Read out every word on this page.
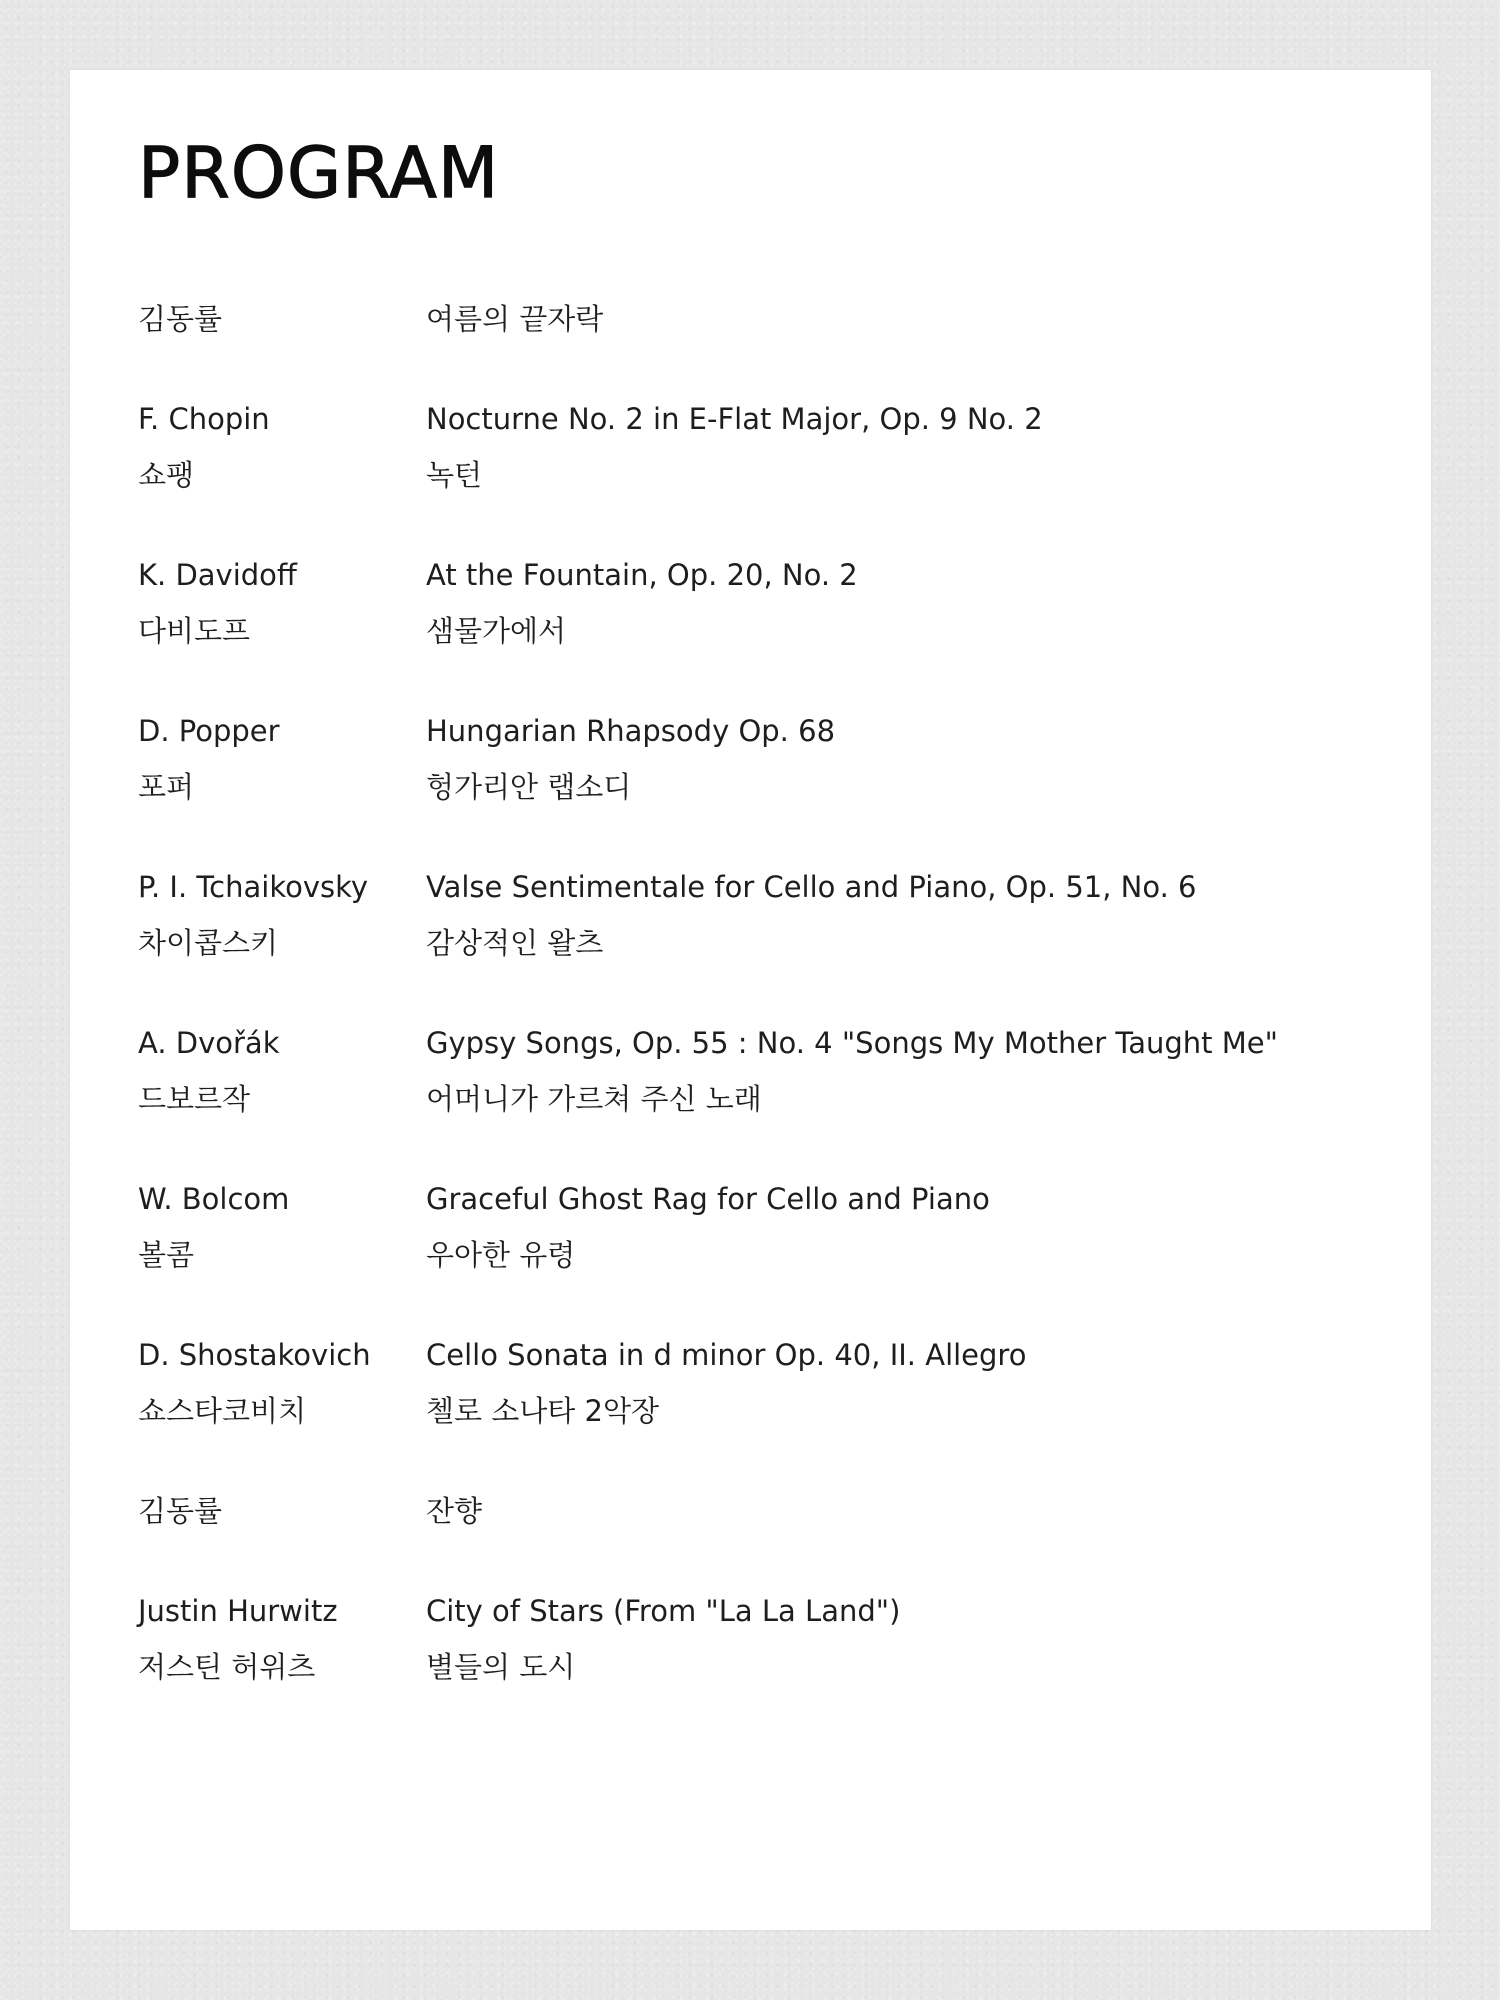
PROGRAM
김동률	여름의 끝자락
F. Chopin	Nocturne No. 2 in E-Flat Major, Op. 9 No. 2
쇼팽	녹턴
K. Davidoff	At the Fountain, Op. 20, No. 2
다비도프	샘물가에서
D. Popper	Hungarian Rhapsody Op. 68
포퍼	헝가리안 랩소디
P. I. Tchaikovsky	Valse Sentimentale for Cello and Piano, Op. 51, No. 6
차이콥스키	감상적인 왈츠
A. Dvořák	Gypsy Songs, Op. 55 : No. 4 "Songs My Mother Taught Me"
드보르작	어머니가 가르쳐 주신 노래
W. Bolcom	Graceful Ghost Rag for Cello and Piano
볼콤	우아한 유령
D. Shostakovich	Cello Sonata in d minor Op. 40, II. Allegro
쇼스타코비치	첼로 소나타 2악장
김동률	잔향
Justin Hurwitz	City of Stars (From "La La Land")
저스틴 허위츠	별들의 도시
